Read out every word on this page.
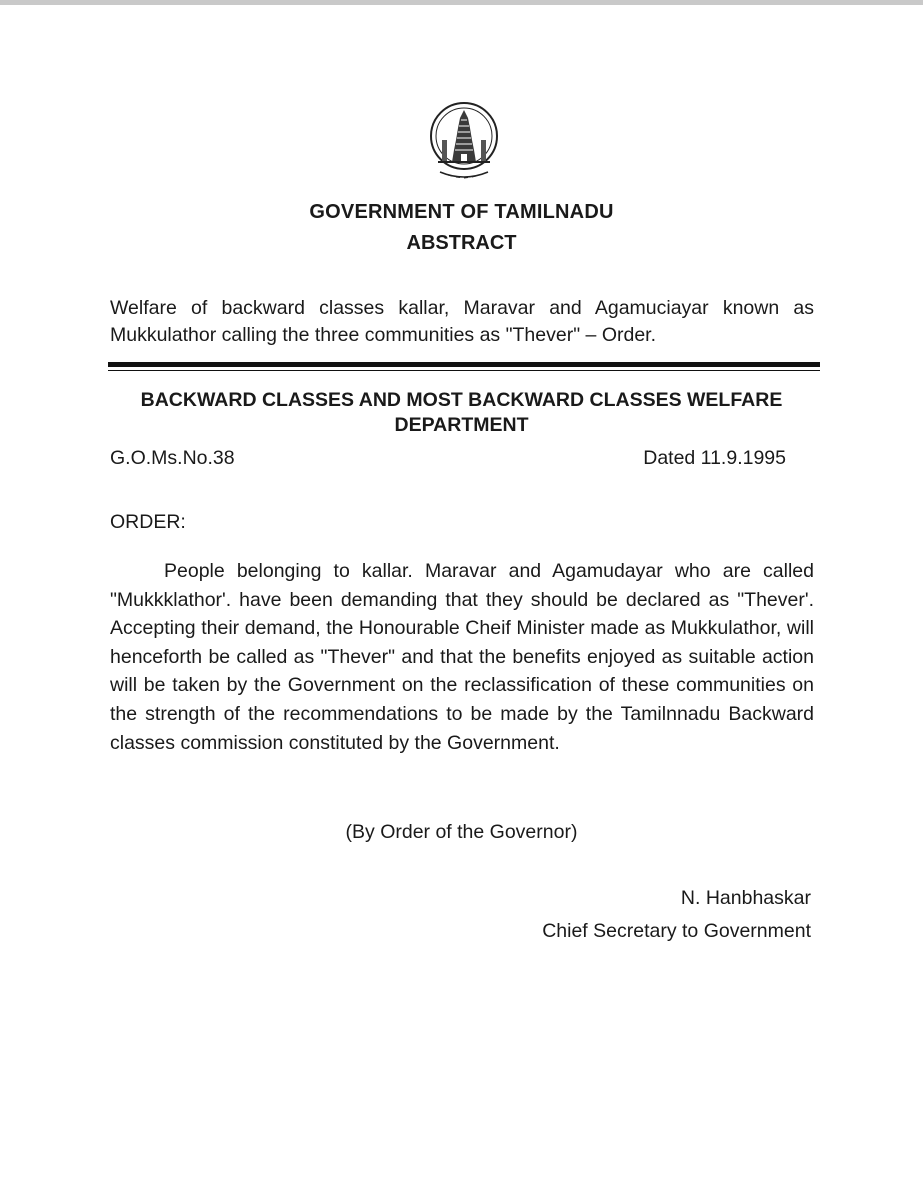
GOVERNMENT OF TAMILNADU
ABSTRACT
Welfare of backward classes kallar, Maravar and Agamuciayar known as Mukkulathor calling the three communities as "Thever" – Order.
BACKWARD CLASSES AND MOST BACKWARD CLASSES WELFARE DEPARTMENT
G.O.Ms.No.38	Dated 11.9.1995
ORDER:
People belonging to kallar. Maravar and Agamudayar who are called "Mukkklathor'. have been demanding that they should be declared as "Thever'. Accepting their demand, the Honourable Cheif Minister made as Mukkulathor, will henceforth be called as "Thever" and that the benefits enjoyed as suitable action will be taken by the Government on the reclassification of these communities on the strength of the recommendations to be made by the Tamilnnadu Backward classes commission constituted by the Government.
(By Order of the Governor)
N. Hanbhaskar
Chief Secretary to Government
